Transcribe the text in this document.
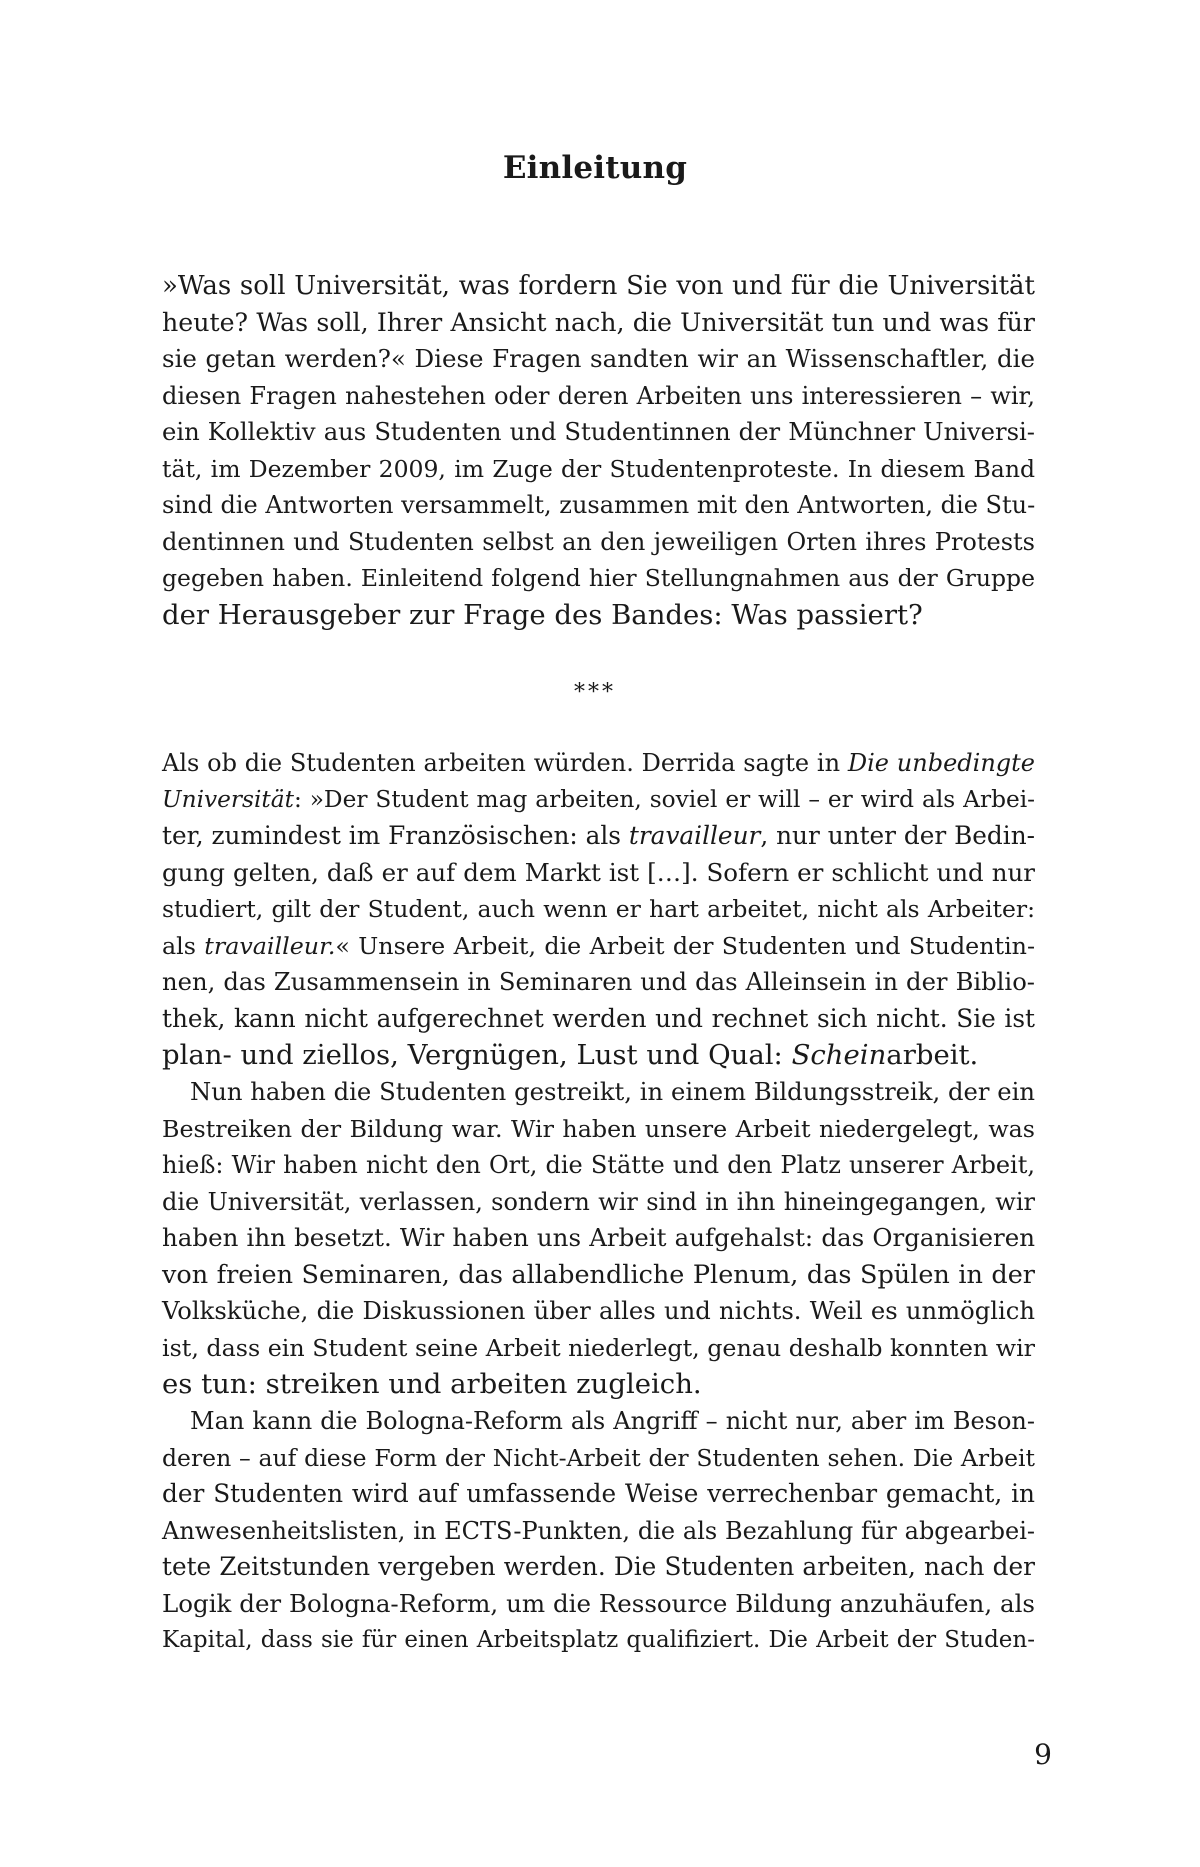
Einleitung
»Was soll Universität, was fordern Sie von und für die Universität
heute? Was soll, Ihrer Ansicht nach, die Universität tun und was für
sie getan werden?« Diese Fragen sandten wir an Wissenschaftler, die
diesen Fragen nahestehen oder deren Arbeiten uns interessieren – wir,
ein Kollektiv aus Studenten und Studentinnen der Münchner Universi-
tät, im Dezember 2009, im Zuge der Studentenproteste. In diesem Band
sind die Antworten versammelt, zusammen mit den Antworten, die Stu-
dentinnen und Studenten selbst an den jeweiligen Orten ihres Protests
gegeben haben. Einleitend folgend hier Stellungnahmen aus der Gruppe
der Herausgeber zur Frage des Bandes: Was passiert?
***
Als ob die Studenten arbeiten würden. Derrida sagte in Die unbedingte
Universität: »Der Student mag arbeiten, soviel er will – er wird als Arbei-
ter, zumindest im Französischen: als travailleur, nur unter der Bedin-
gung gelten, daß er auf dem Markt ist […]. Sofern er schlicht und nur
studiert, gilt der Student, auch wenn er hart arbeitet, nicht als Arbeiter:
als travailleur.« Unsere Arbeit, die Arbeit der Studenten und Studentin-
nen, das Zusammensein in Seminaren und das Alleinsein in der Biblio-
thek, kann nicht aufgerechnet werden und rechnet sich nicht. Sie ist
plan- und ziellos, Vergnügen, Lust und Qual: Scheinarbeit.
Nun haben die Studenten gestreikt, in einem Bildungsstreik, der ein
Bestreiken der Bildung war. Wir haben unsere Arbeit niedergelegt, was
hieß: Wir haben nicht den Ort, die Stätte und den Platz unserer Arbeit,
die Universität, verlassen, sondern wir sind in ihn hineingegangen, wir
haben ihn besetzt. Wir haben uns Arbeit aufgehalst: das Organisieren
von freien Seminaren, das allabendliche Plenum, das Spülen in der
Volksküche, die Diskussionen über alles und nichts. Weil es unmöglich
ist, dass ein Student seine Arbeit niederlegt, genau deshalb konnten wir
es tun: streiken und arbeiten zugleich.
Man kann die Bologna-Reform als Angriff – nicht nur, aber im Beson-
deren – auf diese Form der Nicht-Arbeit der Studenten sehen. Die Arbeit
der Studenten wird auf umfassende Weise verrechenbar gemacht, in
Anwesenheitslisten, in ECTS-Punkten, die als Bezahlung für abgearbei-
tete Zeitstunden vergeben werden. Die Studenten arbeiten, nach der
Logik der Bologna-Reform, um die Ressource Bildung anzuhäufen, als
Kapital, dass sie für einen Arbeitsplatz qualifiziert. Die Arbeit der Studen-
9
